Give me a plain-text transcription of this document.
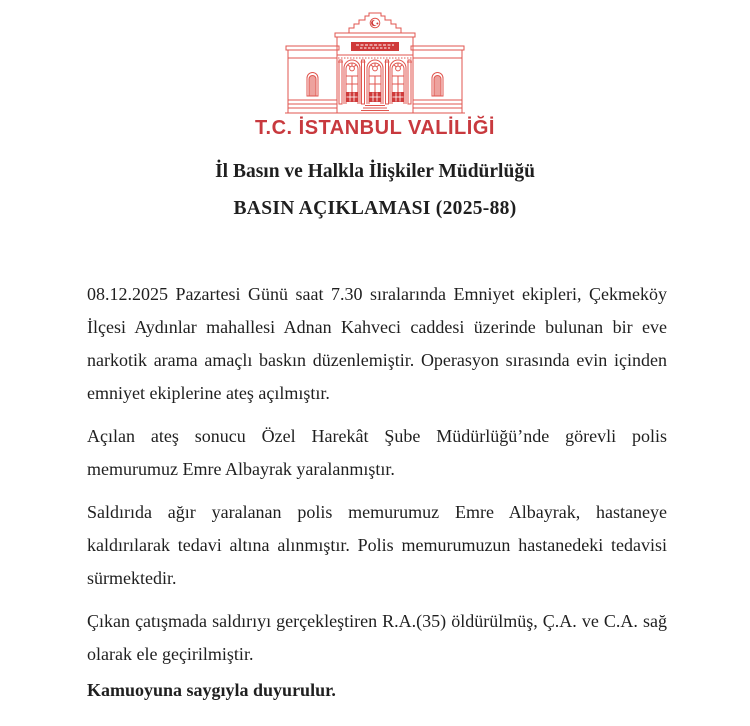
T.C. İSTANBUL VALİLİĞİ
İl Basın ve Halkla İlişkiler Müdürlüğü
BASIN AÇIKLAMASI (2025-88)

08.12.2025 Pazartesi Günü saat 7.30 sıralarında Emniyet ekipleri, Çekmeköy İlçesi Aydınlar mahallesi Adnan Kahveci caddesi üzerinde bulunan bir eve narkotik arama amaçlı baskın düzenlemiştir. Operasyon sırasında evin içinden emniyet ekiplerine ateş açılmıştır.

Açılan ateş sonucu Özel Harekât Şube Müdürlüğü’nde görevli polis memurumuz Emre Albayrak yaralanmıştır.

Saldırıda ağır yaralanan polis memurumuz Emre Albayrak, hastaneye kaldırılarak tedavi altına alınmıştır. Polis memurumuzun hastanedeki tedavisi sürmektedir.

Çıkan çatışmada saldırıyı gerçekleştiren R.A.(35) öldürülmüş, Ç.A. ve C.A. sağ olarak ele geçirilmiştir.

Kamuoyuna saygıyla duyurulur.
